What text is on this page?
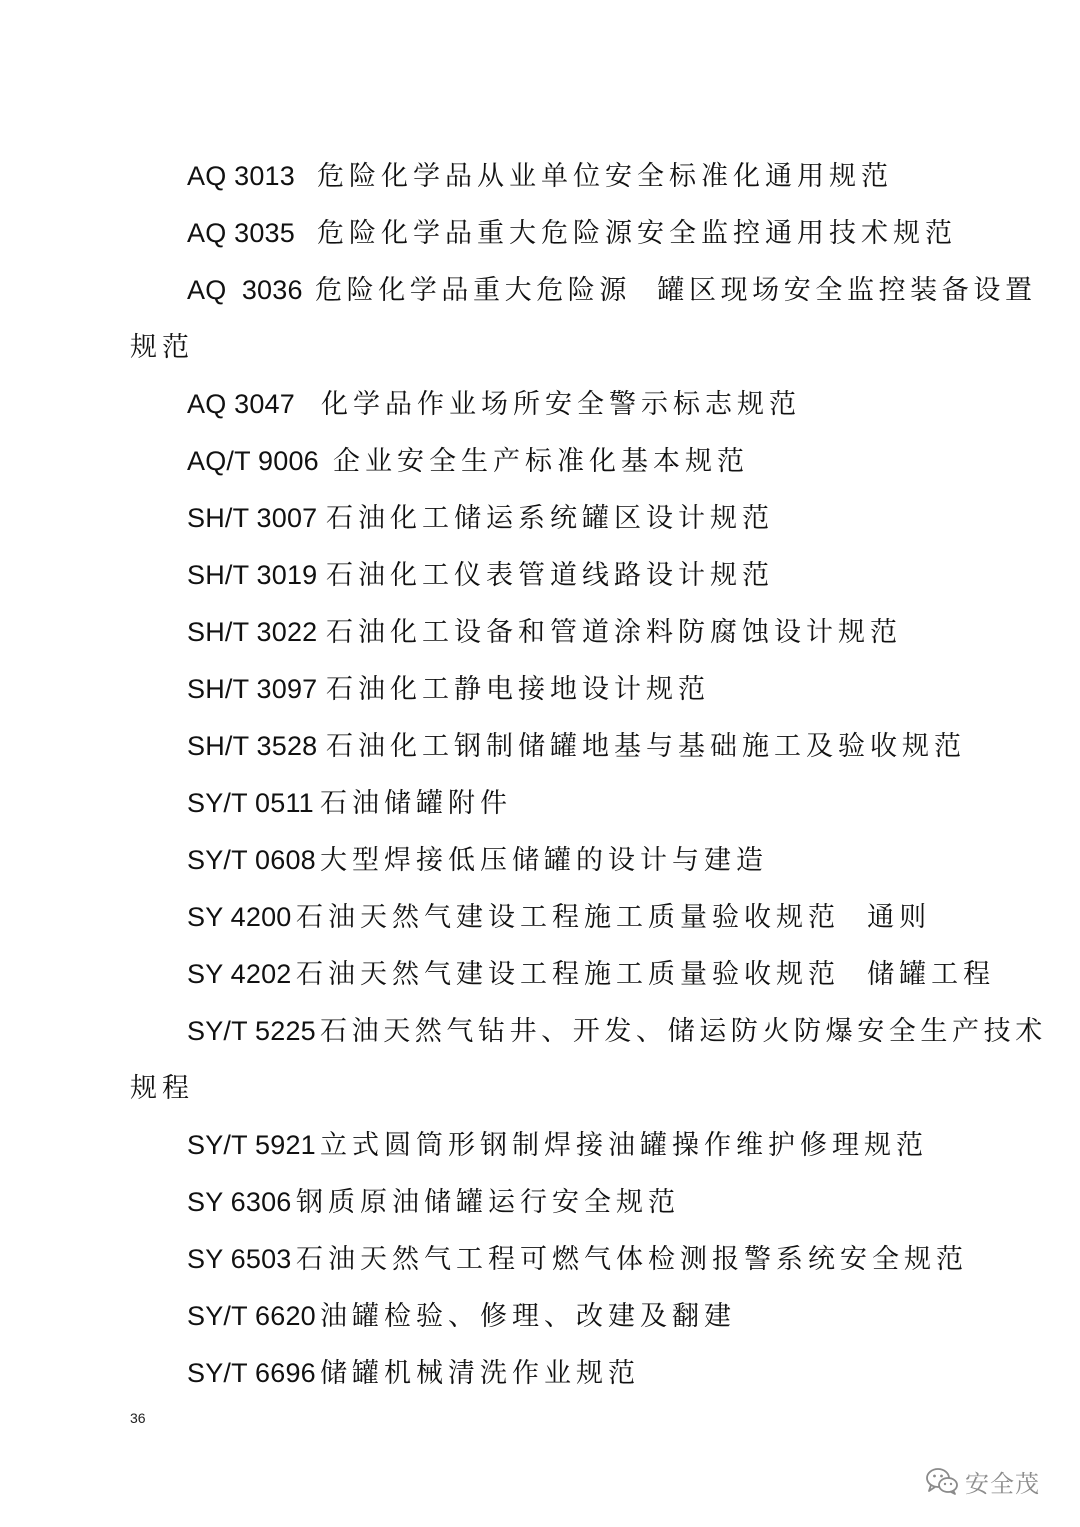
AQ 3013 危险化学品从业单位安全标准化通用规范
AQ 3035 危险化学品重大危险源安全监控通用技术规范
AQ  3036 危险化学品重大危险源  罐区现场安全监控装备设置
规范
AQ 3047 化学品作业场所安全警示标志规范
AQ/T 9006 企业安全生产标准化基本规范
SH/T 3007 石油化工储运系统罐区设计规范
SH/T 3019 石油化工仪表管道线路设计规范
SH/T 3022 石油化工设备和管道涂料防腐蚀设计规范
SH/T 3097 石油化工静电接地设计规范
SH/T 3528 石油化工钢制储罐地基与基础施工及验收规范
SY/T 0511 石油储罐附件
SY/T 0608 大型焊接低压储罐的设计与建造
SY 4200 石油天然气建设工程施工质量验收规范  通则
SY 4202 石油天然气建设工程施工质量验收规范  储罐工程
SY/T 5225 石油天然气钻井、开发、储运防火防爆安全生产技术
规程
SY/T 5921 立式圆筒形钢制焊接油罐操作维护修理规范
SY 6306 钢质原油储罐运行安全规范
SY 6503 石油天然气工程可燃气体检测报警系统安全规范
SY/T 6620 油罐检验、修理、改建及翻建
SY/T 6696 储罐机械清洗作业规范
36
安全茂
